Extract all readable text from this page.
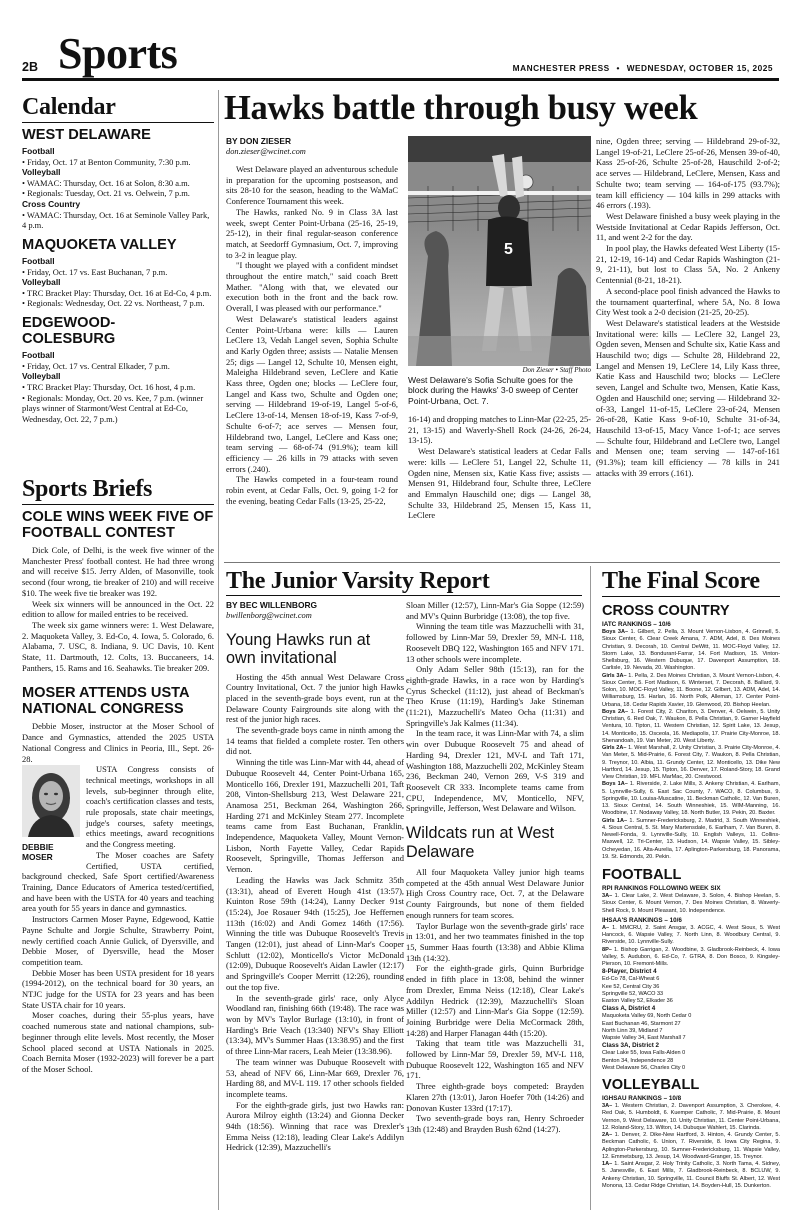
2B Sports	MANCHESTER PRESS • WEDNESDAY, OCTOBER 15, 2025
Calendar
WEST DELAWARE
Football
• Friday, Oct. 17 at Benton Community, 7:30 p.m.
Volleyball
• WAMAC: Thursday, Oct. 16 at Solon, 8:30 a.m.
• Regionals: Tuesday, Oct. 21 vs. Oelwein, 7 p.m.
Cross Country
• WAMAC: Thursday, Oct. 16 at Seminole Valley Park, 4 p.m.
MAQUOKETA VALLEY
Football
• Friday, Oct. 17 vs. East Buchanan, 7 p.m.
Volleyball
• TRC Bracket Play: Thursday, Oct. 16 at Ed-Co, 4 p.m.
• Regionals: Wednesday, Oct. 22 vs. Northeast, 7 p.m.
EDGEWOOD-COLESBURG
Football
• Friday, Oct. 17 vs. Central Elkader, 7 p.m.
Volleyball
• TRC Bracket Play: Thursday, Oct. 16 host, 4 p.m.
• Regionals: Monday, Oct. 20 vs. Kee, 7 p.m. (winner plays winner of Starmont/West Central at Ed-Co, Wednesday, Oct. 22, 7 p.m.)
Sports Briefs
COLE WINS WEEK FIVE OF FOOTBALL CONTEST

Dick Cole, of Delhi, is the week five winner of the Manchester Press' football contest. He had three wrong and will receive $15. Jerry Alden, of Masonville, took second (four wrong, tie breaker of 210) and will receive $10. The week five tie breaker was 192.

Week six winners will be announced in the Oct. 22 edition to allow for mailed entries to be received.

The week six game winners were: 1. West Delaware, 2. Maquoketa Valley, 3. Ed-Co, 4. Iowa, 5. Colorado, 6. Alabama, 7. USC, 8. Indiana, 9. UC Davis, 10. Kent State, 11. Dartmouth, 12. Colts, 13. Buccaneers, 14. Panthers, 15. Rams and 16. Seahawks. Tie breaker 209.

MOSER ATTENDS USTA NATIONAL CONGRESS

Debbie Moser, instructor at the Moser School of Dance and Gymnastics, attended the 2025 USTA National Congress and Clinics in Peoria, Ill., Sept. 26-28.

DEBBIE MOSER

USTA Congress consists of technical meetings, workshops in all levels, sub-beginner through elite, coach's certification classes and tests, rule proposals, state chair meetings, judge's courses, safety meetings, ethics meetings, award recognitions and the Congress meeting.

The Moser coaches are Safety Certified, USTA certified, background checked, Safe Sport certified/Awareness Training, Dance Educators of America tested/certified, and have been with the USTA for 40 years and teaching area youth for 55 years in dance and gymnastics.

Instructors Carmen Moser Payne, Edgewood, Kattie Payne Schulte and Jorgie Schulte, Strawberry Point, newly certified coach Annie Gulick, of Dyersville, and Debbie Moser, of Dyersville, head the Moser competition team.

Debbie Moser has been USTA president for 18 years (1994-2012), on the technical board for 30 years, an NTJC judge for the USTA for 23 years and has been State USTA chair for 10 years.

Moser coaches, during their 55-plus years, have coached numerous state and national champions, sub-beginner through elite levels. Most recently, the Moser School placed second at USTA Nationals in 2025. Coach Bernita Moser (1932-2023) will forever be a part of the Moser School.

Hawks battle through busy week
BY DON ZIESER
don.zieser@wcinet.com

West Delaware played an adventurous schedule in preparation for the upcoming postseason, and sits 28-10 for the season, heading to the WaMaC Conference Tournament this week.

The Hawks, ranked No. 9 in Class 3A last week, swept Center Point-Urbana (25-16, 25-19, 25-12), in their final regular-season conference match, at Seedorff Gymnasium, Oct. 7, improving to 3-2 in league play.

"I thought we played with a confident mindset throughout the entire match," said coach Brett Mather. "Along with that, we elevated our execution both in the front and the back row. Overall, I was pleased with our performance."

West Delaware's statistical leaders against Center Point-Urbana were: kills — Lauren LeClere 13, Vedah Langel seven, Sophia Schulte and Karly Ogden three; assists — Natalie Mensen 25; digs — Langel 12, Schulte 10, Mensen eight, Maleigha Hildebrand seven, LeClere and Katie Kass three, Ogden one; blocks — LeClere four, Langel and Kass two, Schulte and Ogden one; serving — Hildebrand 19-of-19, Langel 5-of-6, LeClere 13-of-14, Mensen 18-of-19, Kass 7-of-9, Schulte 6-of-7; ace serves — Mensen four, Hildebrand two, Langel, LeClere and Kass one; team serving — 68-of-74 (91.9%); team kill efficiency — .26 kills in 79 attacks with seven errors (.240).

The Hawks competed in a four-team round robin event, at Cedar Falls, Oct. 9, going 1-2 for the evening, beating Cedar Falls (13-25, 25-22,

5
Don Zieser • Staff Photo
West Delaware's Sofia Schulte goes for the block during the Hawks' 3-0 sweep of Center Point-Urbana, Oct. 7.

16-14) and dropping matches to Linn-Mar (22-25, 25-21, 13-15) and Waverly-Shell Rock (24-26, 26-24, 13-15).

West Delaware's statistical leaders at Cedar Falls were: kills — LeClere 51, Langel 22, Schulte 11, Ogden nine, Mensen six, Katie Kass five; assists — Mensen 91, Hildebrand four, Schulte three, LeClere and Emmalyn Hauschild one; digs — Langel 38, Schulte 33, Hildebrand 25, Mensen 15, Kass 11, LeClere

nine, Ogden three; serving — Hildebrand 29-of-32, Langel 19-of-21, LeClere 25-of-26, Mensen 39-of-40, Kass 25-of-26, Schulte 25-of-28, Hauschild 2-of-2; ace serves — Hildebrand, LeClere, Mensen, Kass and Schulte two; team serving — 164-of-175 (93.7%); team kill efficiency — 104 kills in 299 attacks with 46 errors (.193).

West Delaware finished a busy week playing in the Westside Invitational at Cedar Rapids Jefferson, Oct. 11, and went 2-2 for the day.

In pool play, the Hawks defeated West Liberty (15-21, 12-19, 16-14) and Cedar Rapids Washington (21-9, 21-11), but lost to Class 5A, No. 2 Ankeny Centennial (8-21, 18-21).

A second-place pool finish advanced the Hawks to the tournament quarterfinal, where 5A, No. 8 Iowa City West took a 2-0 decision (21-25, 20-25).

West Delaware's statistical leaders at the Westside Invitational were: kills — LeClere 32, Langel 23, Ogden seven, Mensen and Schulte six, Katie Kass and Hauschild two; digs — Schulte 28, Hildebrand 22, Langel and Mensen 19, LeClere 14, Lily Kass three, Katie Kass and Hauschild two; blocks — LeClere seven, Langel and Schulte two, Mensen, Katie Kass, Ogden and Hauschild one; serving — Hildebrand 32-of-33, Langel 11-of-15, LeClere 23-of-24, Mensen 26-of-28, Katie Kass 9-of-10, Schulte 31-of-34, Hauschild 13-of-15, Macy Vance 1-of-1; ace serves — Schulte four, Hildebrand and LeClere two, Langel and Mensen one; team serving — 147-of-161 (91.3%); team kill efficiency — 78 kills in 241 attacks with 39 errors (.161).

The Junior Varsity Report
BY BEC WILLENBORG
bwillenborg@wcinet.com
Young Hawks run at own invitational

Hosting the 45th annual West Delaware Cross Country Invitational, Oct. 7 the junior high Hawks placed in the seventh-grade boys event, run at the Delaware County Fairgrounds site along with the rest of the junior high races.

The seventh-grade boys came in ninth among the 14 teams that fielded a complete roster. Ten others did not.

Winning the title was Linn-Mar with 44, ahead of Dubuque Roosevelt 44, Center Point-Urbana 165, Monticello 166, Drexler 191, Mazzuchelli 201, Taft 208, Vinton-Shellsburg 213, West Delaware 221, Anamosa 251, Beckman 264, Washington 266, Harding 271 and McKinley Steam 277. Incomplete teams came from East Buchanan, Franklin, Independence, Maquoketa Valley, Mount Vernon-Lisbon, North Fayette Valley, Cedar Rapids Roosevelt, Springville, Thomas Jefferson and Vernon.

Leading the Hawks was Jack Schmitz 35th (13:31), ahead of Everett Hough 41st (13:57), Kuinton Rose 59th (14:24), Lanny Decker 91st (15:24), Joe Rosauer 94th (15:25), Joe Heffernen 113th (16:02) and Andi Gomez 146th (17:56). Winning the title was Dubuque Roosevelt's Trevis Tangen (12:01), just ahead of Linn-Mar's Cooper Schlutt (12:02), Monticello's Victor McDonald (12:09), Dubuque Roosevelt's Aidan Lawler (12:17) and Springville's Cooper Merritt (12:26), rounding out the top five.

In the seventh-grade girls' race, only Alyce Woodland ran, finishing 66th (19:48). The race was won by MV's Taylor Burlage (13:10), in front of Harding's Brie Veach (13:340) NFV's Shay Elliott (13:34), MV's Summer Haas (13:38.95) and the first of three Linn-Mar racers, Leah Meier (13:38.96).

The team winner was Dubuque Roosevelt with 53, ahead of NFV 66, Linn-Mar 669, Drexler 76, Harding 88, and MV-L 119. 17 other schools fielded incomplete teams.

For the eighth-grade girls, just two Hawks ran: Aurora Milroy eighth (13:24) and Gionna Decker 94th (18:56). Winning that race was Drexler's Emma Neiss (12:18), leading Clear Lake's Addilyn Hedrick (12:39), Mazzuchelli's

Sloan Miller (12:57), Linn-Mar's Gia Soppe (12:59) and MV's Quinn Burbridge (13:08), the top five.

Winning the team title was Mazzuchelli with 31, followed by Linn-Mar 59, Drexler 59, MN-L 118, Roosevelt DBQ 122, Washington 165 and NFV 171. 13 other schools were incomplete.

Only Adam Seller 98th (15:13), ran for the eighth-grade Hawks, in a race won by Harding's Cyrus Scheckel (11:12), just ahead of Beckman's Theo Kruse (11:19), Harding's Jake Stineman (11:21), Mazzuchelli's Mateo Ocha (11:31) and Springville's Jak Kalmes (11:34).

In the team race, it was Linn-Mar with 74, a slim win over Dubuque Roosevelt 75 and ahead of Harding 94, Drexler 121, MV-L and Taft 171, Washington 188, Mazzuchelli 202, McKinley Steam 236, Beckman 240, Vernon 269, V-S 319 and Roosevelt CR 333. Incomplete teams came from CPU, Independence, MV, Monticello, NFV, Springville, Jefferson, West Delaware and Wilson.

Wildcats run at West Delaware

All four Maquoketa Valley junior high teams competed at the 45th annual West Delaware Junior High Cross Country race, Oct. 7, at the Delaware County Fairgrounds, but none of them fielded enough runners for team scores.

Taylor Burlage won the seventh-grade girls' race in 13:01, and her two teammates finished in the top 15, Summer Haas fourth (13:38) and Abbie Klima 13th (14:32).

For the eighth-grade girls, Quinn Burbridge ended in fifth place in 13:08, behind the winner from Drexler, Emma Neiss (12:18), Clear Lake's Addilyn Hedrick (12:39), Mazzuchelli's Sloan Miller (12:57) and Linn-Mar's Gia Soppe (12:59). Joining Burbridge were Delia McCormack 28th, 14:28) and Harper Flanagan 44th (15:20).

Taking that team title was Mazzuchelli 31, followed by Linn-Mar 59, Drexler 59, MV-L 118, Dubuque Roosevelt 122, Washington 165 and NFV 171.

Three eighth-grade boys competed: Brayden Klaren 27th (13:01), Jaron Hoefer 70th (14:26) and Donovan Kuster 133rd (17:17).

Two seventh-grade boys ran, Henry Schroeder 13th (12:48) and Brayden Bush 62nd (14:27).

The Final Score
CROSS COUNTRY
IATC RANKINGS – 10/6
Boys 3A– 1. Gilbert, 2. Pella, 3. Mount Vernon-Lisbon, 4. Grinnell, 5. Sioux Center, 6. Clear Creek Amana, 7. ADM, Adel, 8. Des Moines Christian, 9. Decorah, 10. Central DeWitt, 11. MOC-Floyd Valley, 12. Storm Lake, 13. Bondurant-Farrar, 14. Fort Madison, 15. Vinton-Shellsburg, 16. Western Dubuque, 17. Davenport Assumption, 18. Carlisle, 19. Nevada, 20. Washington.
Girls 3A– 1. Pella, 2. Des Moines Christian, 3. Mount Vernon-Lisbon, 4. Sioux Center, 5. Fort Madison, 6. Winterset, 7. Decorah, 8. Ballard, 9. Solon, 10. MOC-Floyd Valley, 11. Boone, 12. Gilbert, 13. ADM, Adel, 14. Williamsburg, 15. Harlan, 16. North Polk, Alleman, 17. Center Point-Urbana, 18. Cedar Rapids Xavier, 19. Glenwood, 20. Bishop Heelan.
Boys 2A– 1. Forest City, 2. Chariton, 3. Denver, 4. Oelwein, 5. Unity Christian, 6. Red Oak, 7. Waukon, 8. Pella Christian, 9. Garner Hayfield Ventura, 10. Tipton, 11. Western Christian, 12. Spirit Lake, 13. Jesup, 14. Monticello, 15. Osceola, 16. Mediapolis, 17. Prairie City-Monroe, 18. Shenandoah, 19. Van Meter, 20. West Liberty.
Girls 2A– 1. West Marshall, 2. Unity Christian, 3. Prairie City-Monroe, 4. Van Meter, 5. Mid-Prairie, 6. Forest City, 7. Waukon, 8. Pella Christian, 9. Treynor, 10. Albia, 11. Grundy Center, 12. Monticello, 13. Dike New Hartford, 14. Jesup, 15. Tipton, 16. Denver, 17. Roland-Story, 18. Grand View Christian, 19. MFL MarMac, 20. Crestwood.
Boys 1A– 1. Riverside, 2. Lake Mills, 3. Ankeny Christian, 4. Earlham, 5. Lynnville-Sully, 6. East Sac County, 7. WACO, 8. Columbus, 9. Springville, 10. Louisa-Muscatine, 11. Beckman Catholic, 12. Van Buren, 13. Sioux Central, 14. South Winneshiek, 15. WIM-Manning, 16. Woodbine, 17. Nodaway Valley, 18. North Butler, 19. Pekin, 20. Baxter.
Girls 1A– 1. Sumner-Fredericksburg, 2. Madrid, 3. South Winneshiek, 4. Sioux Central, 5. St. Mary Martensdale, 6. Earlham, 7. Van Buren, 8. Newell-Fonda, 9. Lynnville-Sully, 10. English Valleys, 11. Collins-Maxwell, 12. Tri-Center, 13. Hudson, 14. Wapsie Valley, 15. Sibley-Ocheyedan, 16. Alta-Aurelia, 17. Aplington-Parkersburg, 18. Panorama, 19. St. Edmonds, 20. Pekin.
FOOTBALL
RPI RANKINGS FOLLOWING WEEK SIX
3A– 1. Clear Lake, 2. West Delaware, 3. Solon, 4. Bishop Heelan, 5. Sioux Center, 6. Mount Vernon, 7. Des Moines Christian, 8. Waverly-Shell Rock, 9. Mount Pleasant, 10. Independence.
IHSAA'S RANKINGS – 10/6
A– 1. MMCRU, 2. Saint Ansgar, 3. ACGC, 4. West Sioux, 5. West Hancock, 6. Wapsie Valley, 7. North Linn, 8. Woodbury Central, 9. Riverside, 10. Lynnville-Sully.
8P– 1. Bishop Garrigan, 2. Woodbine, 3. Gladbrook-Reinbeck, 4. Iowa Valley, 5. Audubon, 6. Ed-Co, 7. GTRA, 8. Don Bosco, 9. Kingsley-Pierson, 10. Fremont-Mills.
8-Player, District 4
Ed-Co 78, Cal-Wheat 6
Kee 52, Central City 36
Springville 52, WACO 33
Easton Valley 52, Elkader 36
Class A, District 4
Maquoketa Valley 69, North Cedar 0
East Buchanan 46, Starmont 27
North Linn 39, Midland 7
Wapsie Valley 34, East Marshall 7
Class 3A, District 2
Clear Lake 55, Iowa Falls-Alden 0
Benton 34, Independence 28
West Delaware 56, Charles City 0
VOLLEYBALL
IGHSAU RANKINGS – 10/8
3A– 1. Western Christian, 2. Davenport Assumption, 3. Cherokee, 4. Red Oak, 5. Humboldt, 6. Kuemper Catholic, 7. Mid-Prairie, 8. Mount Vernon, 9. West Delaware, 10. Unity Christian, 11. Center Point-Urbana, 12. Roland-Story, 13. Wilton, 14. Dubuque Wahlert, 15. Clarinda.
2A– 1. Denver, 2. Dike-New Hartford, 3. Hinton, 4. Grundy Center, 5. Beckman Catholic, 6. Union, 7. Riverside, 8. Iowa City Regina, 9. Aplington-Parkersburg, 10. Sumner-Fredericksburg, 11. Wapsie Valley, 12. Emmetsburg, 13. Jesup, 14. Woodward-Granger, 15. Treynor.
1A– 1. Saint Ansgar, 2. Holy Trinity Catholic, 3. North Tama, 4. Sidney, 5. Janesville, 6. East Mills, 7. Gladbrook-Reinbeck, 8. BCLUW, 9. Ankeny Christian, 10. Springville, 11. Council Bluffs St. Albert, 12. West Monona, 13. Cedar Ridge Christian, 14. Boyden-Hull, 15. Dunkerton.
